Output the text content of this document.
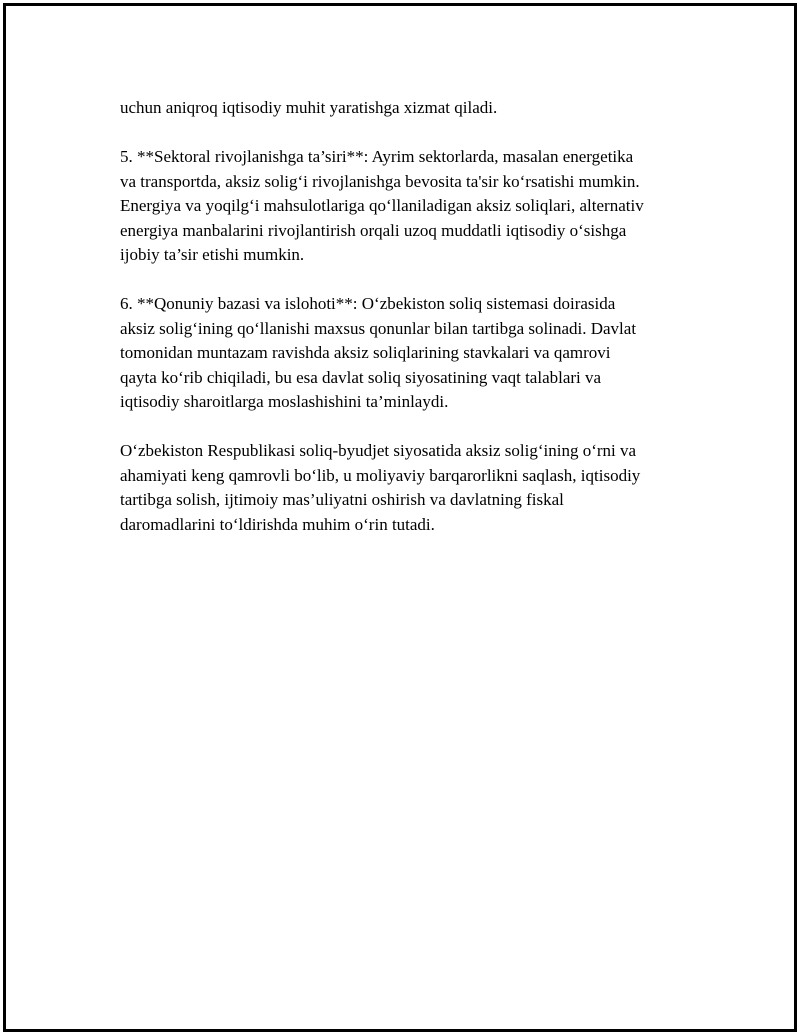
uchun aniqroq iqtisodiy muhit yaratishga xizmat qiladi.

5. **Sektoral rivojlanishga ta’siri**: Ayrim sektorlarda, masalan energetika
va transportda, aksiz solig‘i rivojlanishga bevosita ta'sir ko‘rsatishi mumkin.
Energiya va yoqilg‘i mahsulotlariga qo‘llaniladigan aksiz soliqlari, alternativ
energiya manbalarini rivojlantirish orqali uzoq muddatli iqtisodiy o‘sishga
ijobiy ta’sir etishi mumkin.

6. **Qonuniy bazasi va islohoti**: O‘zbekiston soliq sistemasi doirasida
aksiz solig‘ining qo‘llanishi maxsus qonunlar bilan tartibga solinadi. Davlat
tomonidan muntazam ravishda aksiz soliqlarining stavkalari va qamrovi
qayta ko‘rib chiqiladi, bu esa davlat soliq siyosatining vaqt talablari va
iqtisodiy sharoitlarga moslashishini ta’minlaydi.

O‘zbekiston Respublikasi soliq-byudjet siyosatida aksiz solig‘ining o‘rni va
ahamiyati keng qamrovli bo‘lib, u moliyaviy barqarorlikni saqlash, iqtisodiy
tartibga solish, ijtimoiy mas’uliyatni oshirish va davlatning fiskal
daromadlarini to‘ldirishda muhim o‘rin tutadi.
